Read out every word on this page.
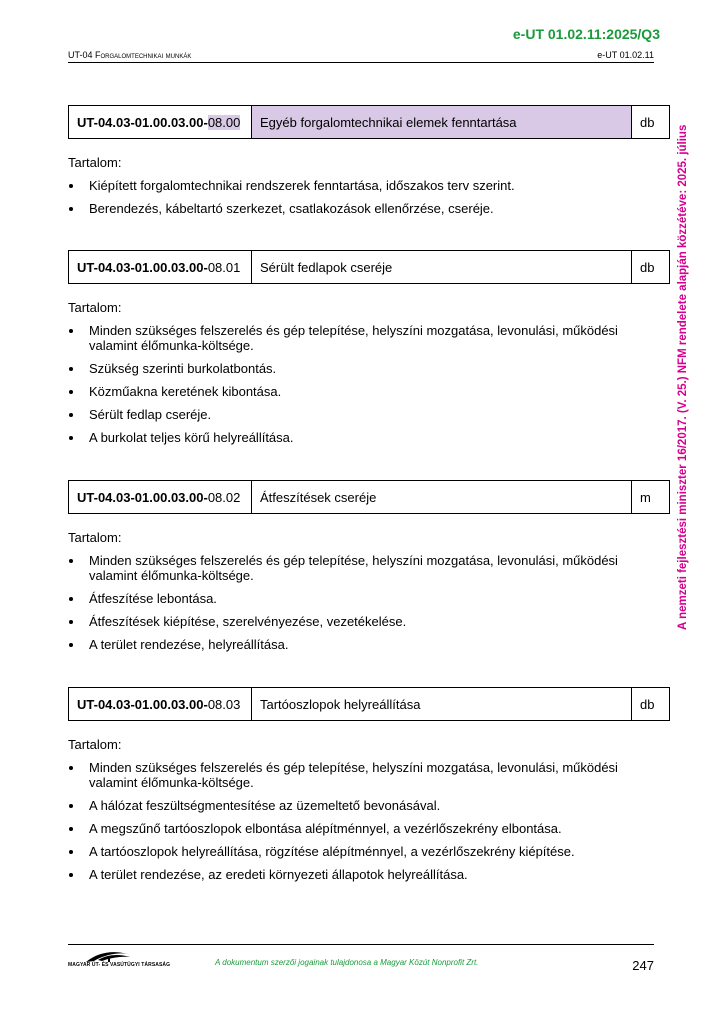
e-UT 01.02.11:2025/Q3
UT-04 Forgalomtechnikai munkák	e-UT 01.02.11
A nemzeti fejlesztési miniszter 16/2017. (V. 25.) NFM rendelete alapján közzétéve: 2025. július
UT-04.03-01.00.03.00- 08.00	Egyéb forgalomtechnikai elemek fenntartása	db
Tartalom:
Kiépített forgalomtechnikai rendszerek fenntartása, időszakos terv szerint.
Berendezés, kábeltartó szerkezet, csatlakozások ellenőrzése, cseréje.
UT-04.03-01.00.03.00- 08.01	Sérült fedlapok cseréje	db
Tartalom:
Minden szükséges felszerelés és gép telepítése, helyszíni mozgatása, levonulási, működési valamint élőmunka-költsége.
Szükség szerinti burkolatbontás.
Közműakna keretének kibontása.
Sérült fedlap cseréje.
A burkolat teljes körű helyreállítása.
UT-04.03-01.00.03.00- 08.02	Átfeszítések cseréje	m
Tartalom:
Minden szükséges felszerelés és gép telepítése, helyszíni mozgatása, levonulási, működési valamint élőmunka-költsége.
Átfeszítése lebontása.
Átfeszítések kiépítése, szerelvényezése, vezetékelése.
A terület rendezése, helyreállítása.
UT-04.03-01.00.03.00- 08.03	Tartóoszlopok helyreállítása	db
Tartalom:
Minden szükséges felszerelés és gép telepítése, helyszíni mozgatása, levonulási, működési valamint élőmunka-költsége.
A hálózat feszültségmentesítése az üzemeltető bevonásával.
A megszűnő tartóoszlopok elbontása alépítménnyel, a vezérlőszekrény elbontása.
A tartóoszlopok helyreállítása, rögzítése alépítménnyel, a vezérlőszekrény kiépítése.
A terület rendezése, az eredeti környezeti állapotok helyreállítása.
MAGYAR ÚT- ÉS VASÚTÜGYI TÁRSASÁG	A dokumentum szerzői jogainak tulajdonosa a Magyar Közút Nonprofit Zrt.	247
